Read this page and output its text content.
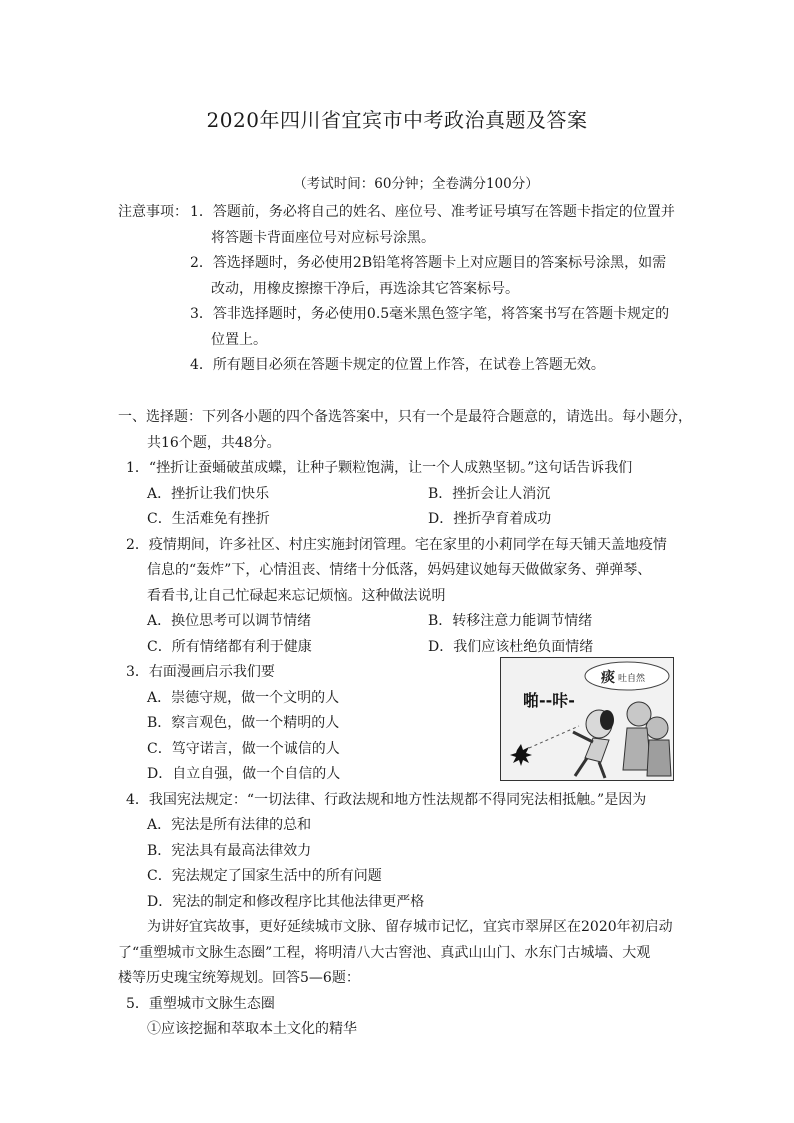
2020年四川省宜宾市中考政治真题及答案
（考试时间：60分钟；全卷满分100分）
注意事项： 1．答题前，务必将自己的姓名、座位号、准考证号填写在答题卡指定的位置并
将答题卡背面座位号对应标号涂黑。
2．答选择题时，务必使用2B铅笔将答题卡上对应题目的答案标号涂黑，如需
改动，用橡皮擦擦干净后，再选涂其它答案标号。
3．答非选择题时，务必使用0.5毫米黑色签字笔，将答案书写在答题卡规定的
位置上。
4．所有题目必须在答题卡规定的位置上作答，在试卷上答题无效。
一、选择题：下列各小题的四个备选答案中，只有一个是最符合题意的，请选出。每小题分，
共16个题，共48分。
1．“挫折让蚕蛹破茧成蝶，让种子颗粒饱满，让一个人成熟坚韧。”这句话告诉我们
A．挫折让我们快乐	B．挫折会让人消沉
C．生活难免有挫折	D．挫折孕育着成功
2．疫情期间，许多社区、村庄实施封闭管理。宅在家里的小莉同学在每天铺天盖地疫情
信息的“轰炸”下，心情沮丧、情绪十分低落，妈妈建议她每天做做家务、弹弹琴、
看看书,让自己忙碌起来忘记烦恼。这种做法说明
A．换位思考可以调节情绪	B．转移注意力能调节情绪
C．所有情绪都有利于健康	D．我们应该杜绝负面情绪
3．右面漫画启示我们要
A．崇德守规，做一个文明的人
B．察言观色，做一个精明的人
C．笃守诺言，做一个诚信的人
D．自立自强，做一个自信的人
痰 吐自然
啪--咔-
4．我国宪法规定：“一切法律、行政法规和地方性法规都不得同宪法相抵触。”是因为
A．宪法是所有法律的总和
B．宪法具有最高法律效力
C．宪法规定了国家生活中的所有问题
D．宪法的制定和修改程序比其他法律更严格
为讲好宜宾故事，更好延续城市文脉、留存城市记忆，宜宾市翠屏区在2020年初启动
了“重塑城市文脉生态圈”工程，将明清八大古窖池、真武山山门、水东门古城墙、大观
楼等历史瑰宝统筹规划。回答5—6题：
5．重塑城市文脉生态圈
①应该挖掘和萃取本土文化的精华
